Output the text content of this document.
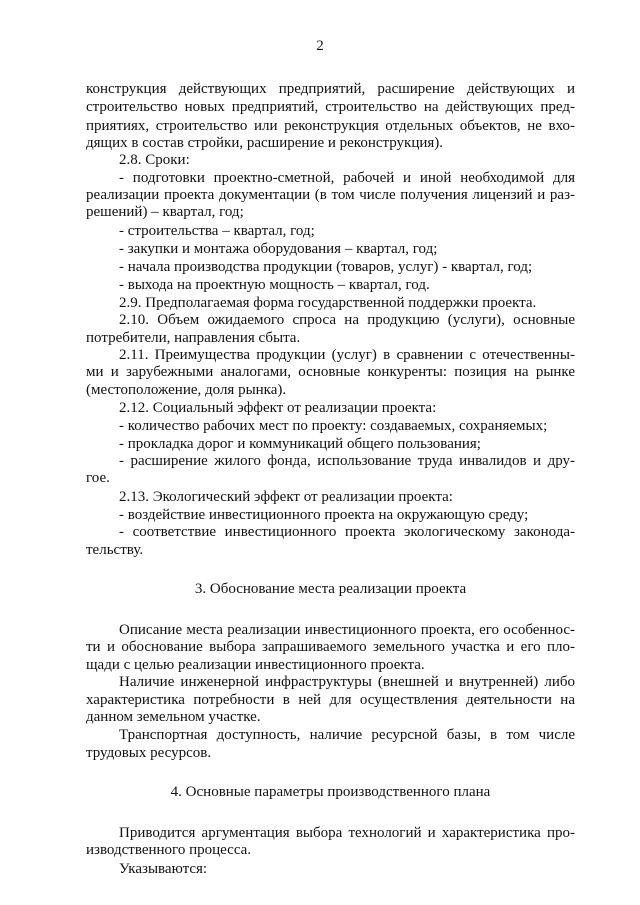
2
конструкция действующих предприятий, расширение действующих и
строительство новых предприятий, строительство на действующих пред-
приятиях, строительство или реконструкция отдельных объектов, не вхо-
дящих в состав стройки, расширение и реконструкция).
2.8. Сроки:
- подготовки проектно-сметной, рабочей и иной необходимой для
реализации проекта документации (в том числе получения лицензий и раз-
решений) – квартал, год;
- строительства – квартал, год;
- закупки и монтажа оборудования – квартал, год;
- начала производства продукции (товаров, услуг) - квартал, год;
- выхода на проектную мощность – квартал, год.
2.9. Предполагаемая форма государственной поддержки проекта.
2.10. Объем ожидаемого спроса на продукцию (услуги), основные
потребители, направления сбыта.
2.11. Преимущества продукции (услуг) в сравнении с отечественны-
ми и зарубежными аналогами, основные конкуренты: позиция на рынке
(местоположение, доля рынка).
2.12. Социальный эффект от реализации проекта:
- количество рабочих мест по проекту: создаваемых, сохраняемых;
- прокладка дорог и коммуникаций общего пользования;
- расширение жилого фонда, использование труда инвалидов и дру-
гое.
2.13. Экологический эффект от реализации проекта:
- воздействие инвестиционного проекта на окружающую среду;
- соответствие инвестиционного проекта экологическому законода-
тельству.
3. Обоснование места реализации проекта
Описание места реализации инвестиционного проекта, его особеннос-
ти и обоснование выбора запрашиваемого земельного участка и его пло-
щади с целью реализации инвестиционного проекта.
Наличие инженерной инфраструктуры (внешней и внутренней) либо
характеристика потребности в ней для осуществления деятельности на
данном земельном участке.
Транспортная доступность, наличие ресурсной базы, в том числе
трудовых ресурсов.
4. Основные параметры производственного плана
Приводится аргументация выбора технологий и характеристика про-
изводственного процесса.
Указываются:
